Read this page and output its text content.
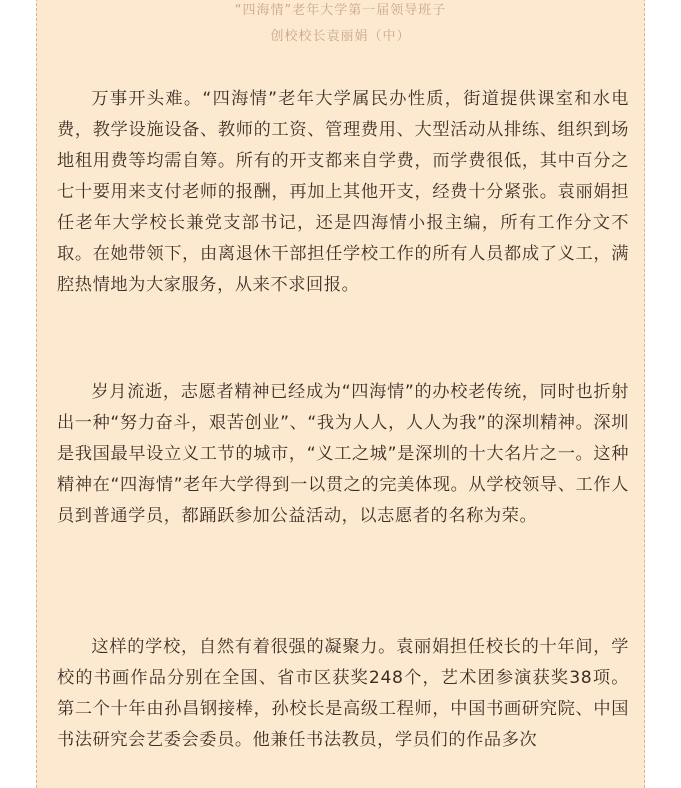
“四海情”老年大学第一届领导班子
创校校长袁丽娟（中）

万事开头难。“四海情”老年大学属民办性质，街道提供课室和水电费，教学设施设备、教师的工资、管理费用、大型活动从排练、组织到场地租用费等均需自筹。所有的开支都来自学费，而学费很低，其中百分之七十要用来支付老师的报酬，再加上其他开支，经费十分紧张。袁丽娟担任老年大学校长兼党支部书记，还是四海情小报主编，所有工作分文不取。在她带领下，由离退休干部担任学校工作的所有人员都成了义工，满腔热情地为大家服务，从来不求回报。

岁月流逝，志愿者精神已经成为“四海情”的办校老传统，同时也折射出一种“努力奋斗，艰苦创业”、“我为人人，人人为我”的深圳精神。深圳是我国最早设立义工节的城市，“义工之城”是深圳的十大名片之一。这种精神在“四海情”老年大学得到一以贯之的完美体现。从学校领导、工作人员到普通学员，都踊跃参加公益活动，以志愿者的名称为荣。

这样的学校，自然有着很强的凝聚力。袁丽娟担任校长的十年间，学校的书画作品分别在全国、省市区获奖248个，艺术团参演获奖38项。第二个十年由孙昌钢接棒，孙校长是高级工程师，中国书画研究院、中国书法研究会艺委会委员。他兼任书法教员，学员们的作品多次
